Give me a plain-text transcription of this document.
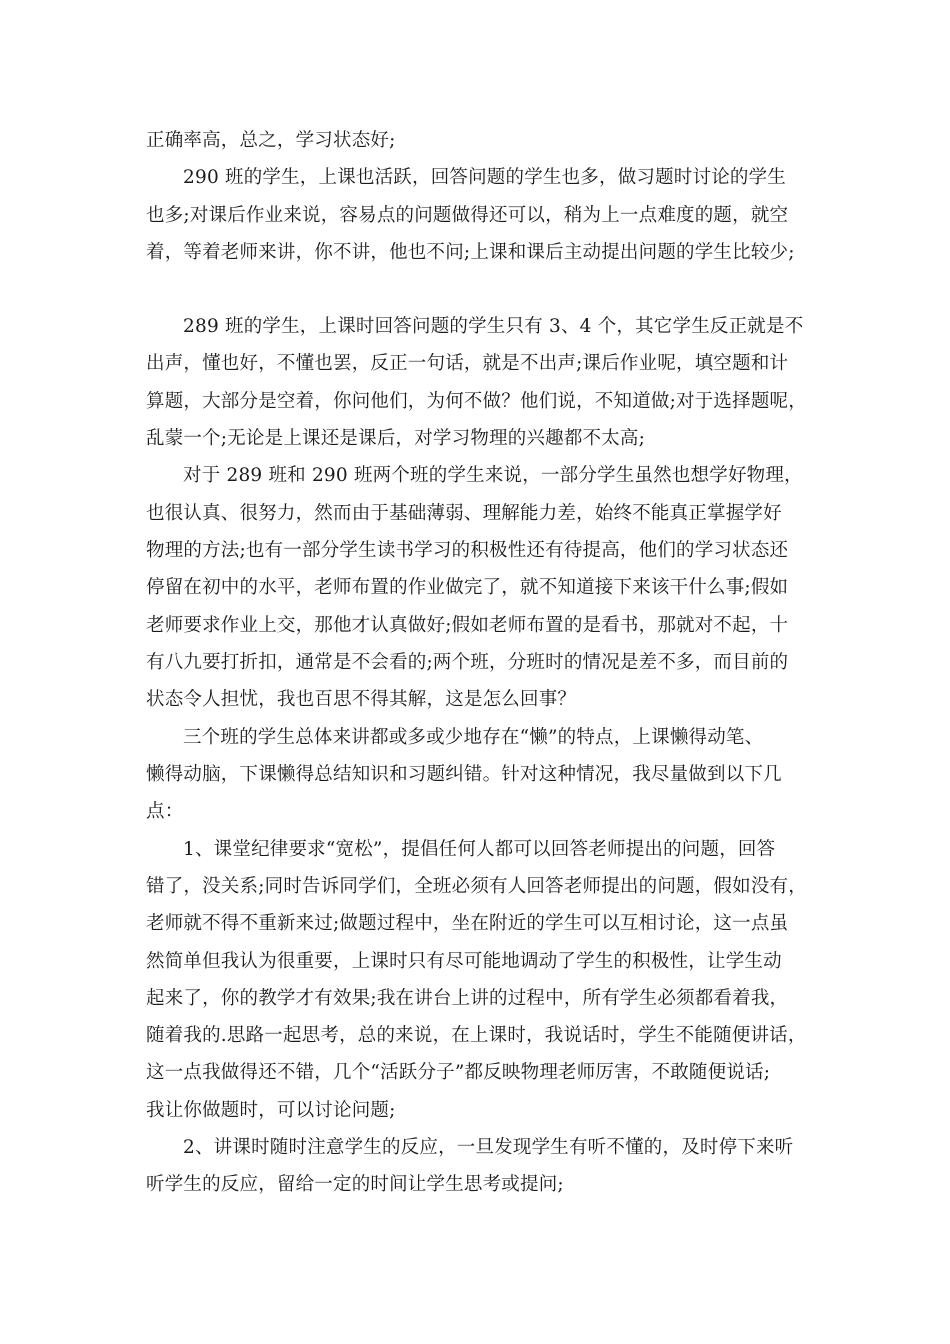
正确率高，总之，学习状态好;
290 班的学生，上课也活跃，回答问题的学生也多，做习题时讨论的学生
也多;对课后作业来说，容易点的问题做得还可以，稍为上一点难度的题，就空
着，等着老师来讲，你不讲，他也不问;上课和课后主动提出问题的学生比较少;
289 班的学生，上课时回答问题的学生只有 3、4 个，其它学生反正就是不
出声，懂也好，不懂也罢，反正一句话，就是不出声;课后作业呢，填空题和计
算题，大部分是空着，你问他们，为何不做？他们说，不知道做;对于选择题呢，
乱蒙一个;无论是上课还是课后，对学习物理的兴趣都不太高;
对于 289 班和 290 班两个班的学生来说，一部分学生虽然也想学好物理，
也很认真、很努力，然而由于基础薄弱、理解能力差，始终不能真正掌握学好
物理的方法;也有一部分学生读书学习的积极性还有待提高，他们的学习状态还
停留在初中的水平，老师布置的作业做完了，就不知道接下来该干什么事;假如
老师要求作业上交，那他才认真做好;假如老师布置的是看书，那就对不起，十
有八九要打折扣，通常是不会看的;两个班，分班时的情况是差不多，而目前的
状态令人担忧，我也百思不得其解，这是怎么回事？
三个班的学生总体来讲都或多或少地存在“懒”的特点，上课懒得动笔、
懒得动脑，下课懒得总结知识和习题纠错。针对这种情况，我尽量做到以下几
点：
1、课堂纪律要求“宽松”，提倡任何人都可以回答老师提出的问题，回答
错了，没关系;同时告诉同学们，全班必须有人回答老师提出的问题，假如没有，
老师就不得不重新来过;做题过程中，坐在附近的学生可以互相讨论，这一点虽
然简单但我认为很重要，上课时只有尽可能地调动了学生的积极性，让学生动
起来了，你的教学才有效果;我在讲台上讲的过程中，所有学生必须都看着我，
随着我的.思路一起思考，总的来说，在上课时，我说话时，学生不能随便讲话，
这一点我做得还不错，几个“活跃分子”都反映物理老师厉害，不敢随便说话;
我让你做题时，可以讨论问题;
2、讲课时随时注意学生的反应，一旦发现学生有听不懂的，及时停下来听
听学生的反应，留给一定的时间让学生思考或提问;
